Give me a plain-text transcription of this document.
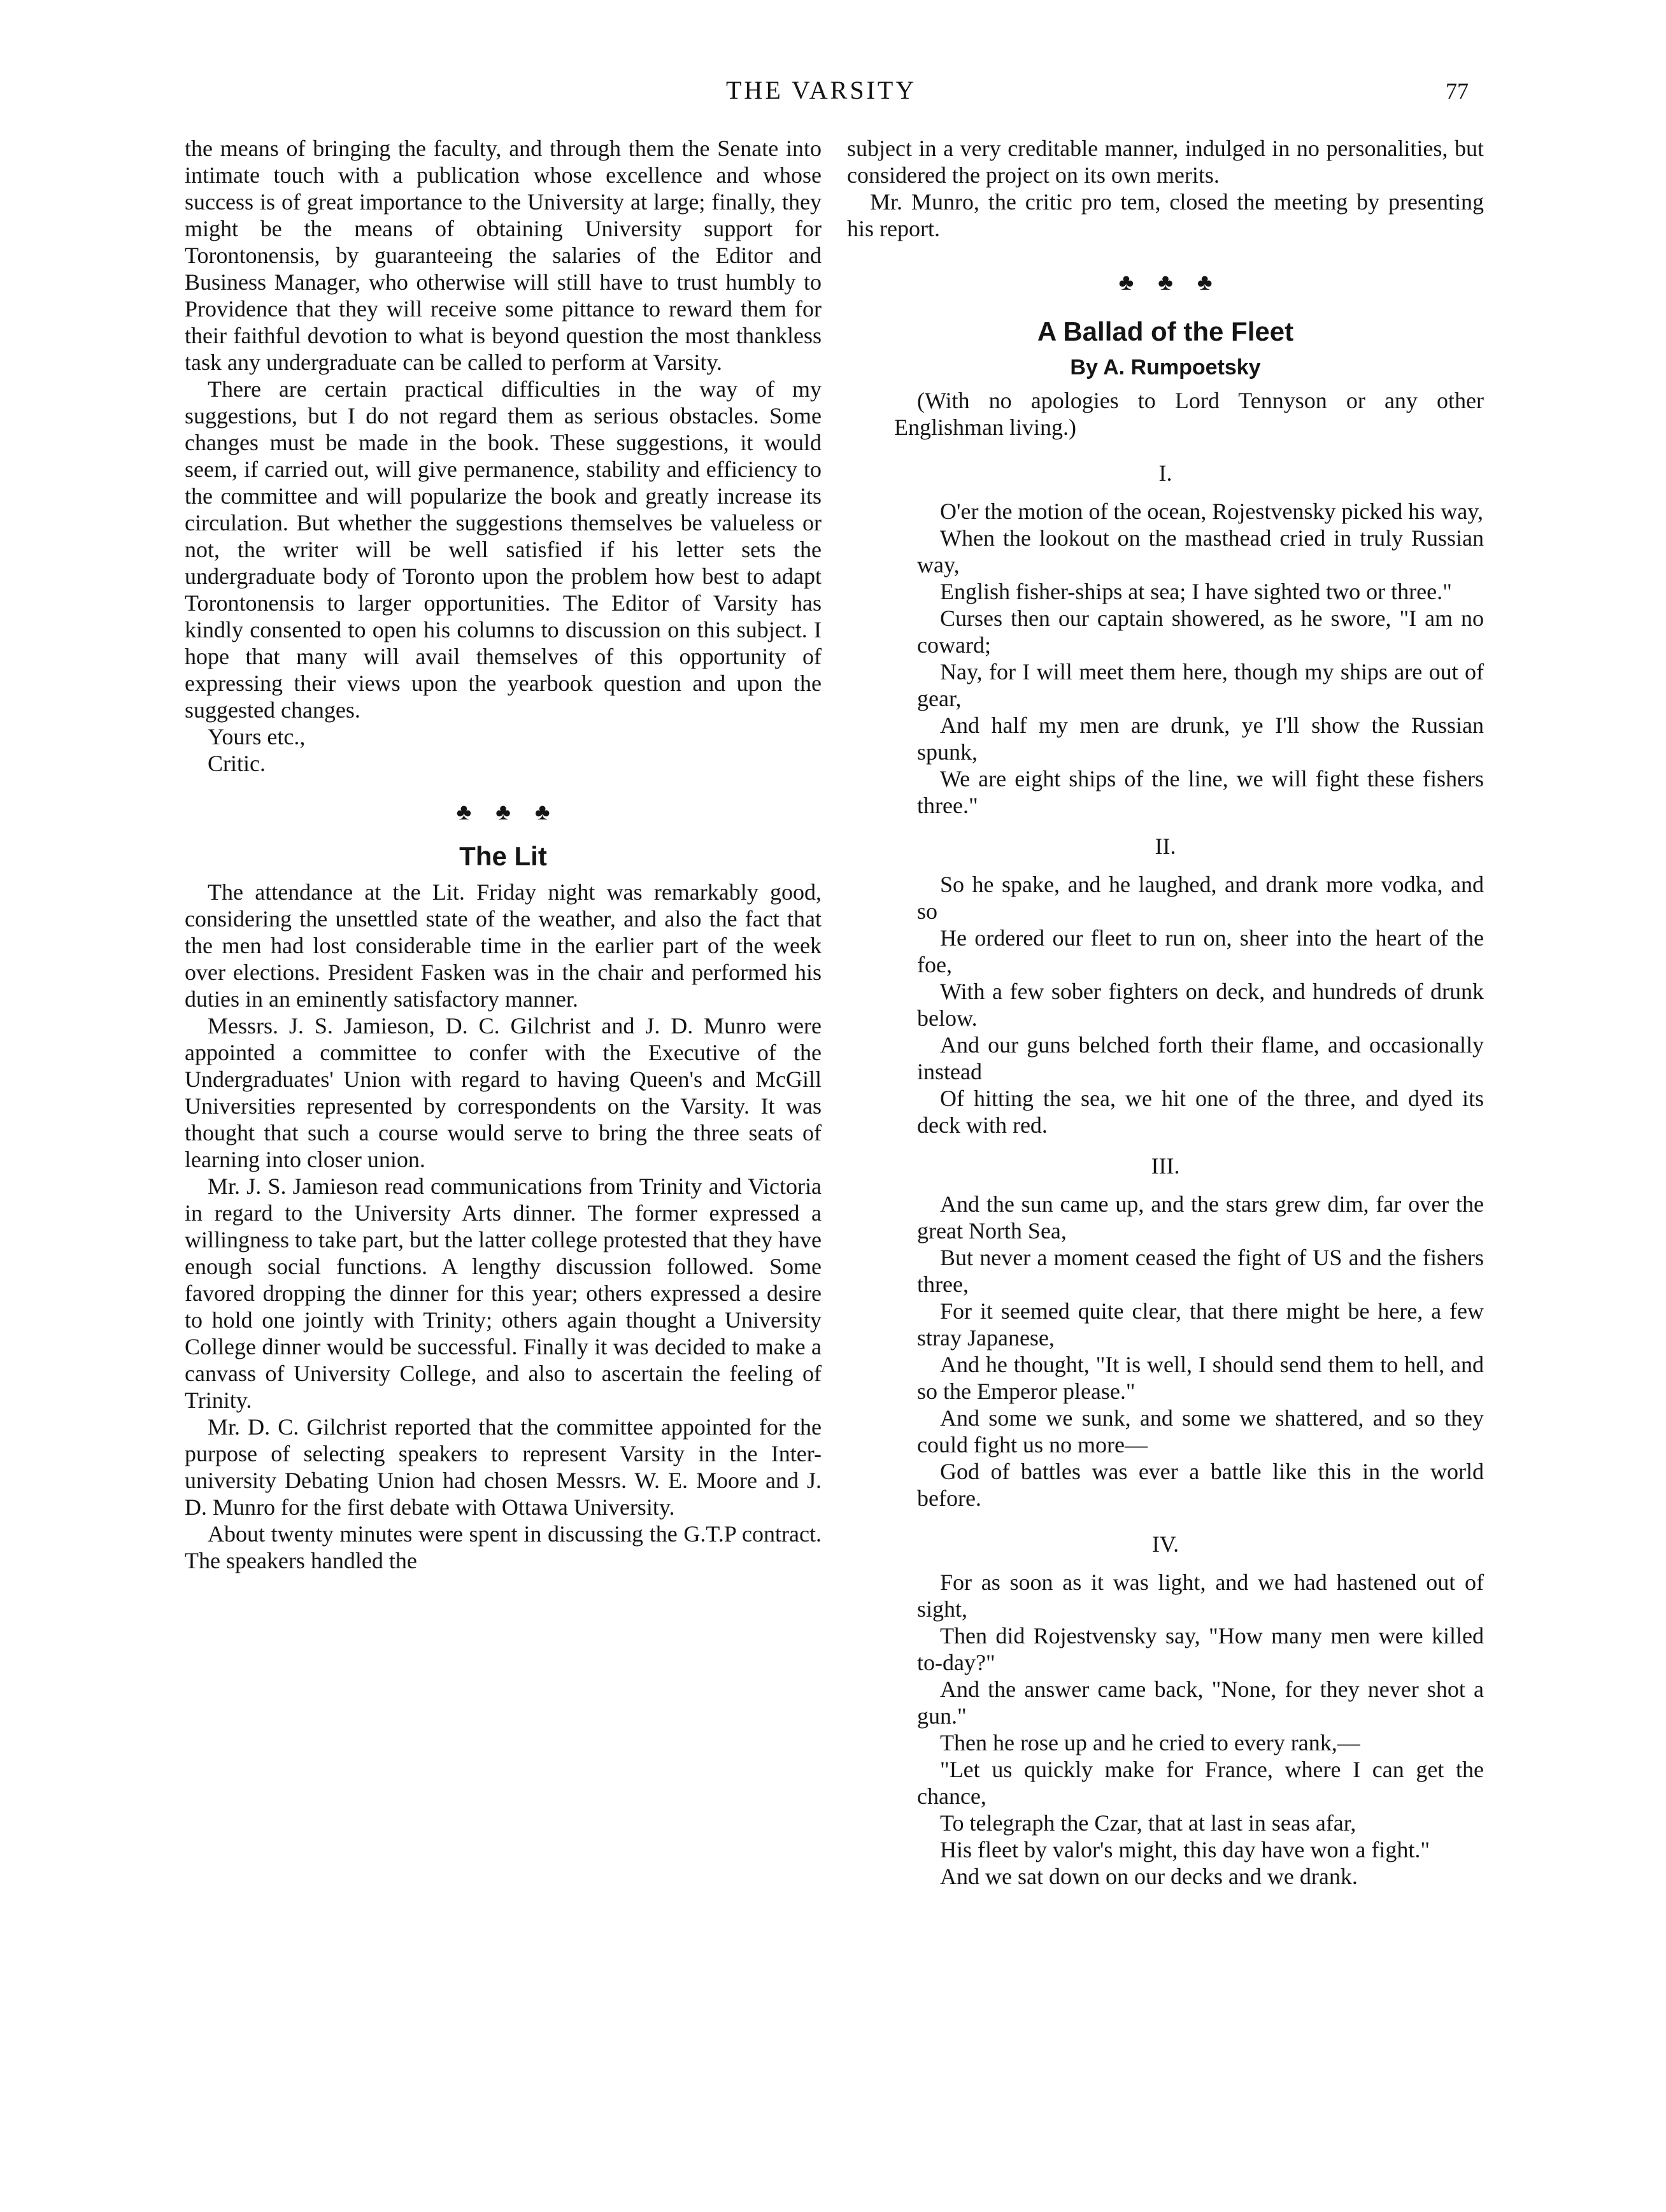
THE VARSITY	77

the means of bringing the faculty, and through them the Senate into intimate touch with a publication whose excellence and whose success is of great importance to the University at large; finally, they might be the means of obtaining University support for Torontonensis, by guaranteeing the salaries of the Editor and Business Manager, who otherwise will still have to trust humbly to Providence that they will receive some pittance to reward them for their faithful devotion to what is beyond question the most thankless task any undergraduate can be called to perform at Varsity.

There are certain practical difficulties in the way of my suggestions, but I do not regard them as serious obstacles. Some changes must be made in the book. These suggestions, it would seem, if carried out, will give permanence, stability and efficiency to the committee and will popularize the book and greatly increase its circulation. But whether the suggestions themselves be valueless or not, the writer will be well satisfied if his letter sets the undergraduate body of Toronto upon the problem how best to adapt Torontonensis to larger opportunities. The Editor of Varsity has kindly consented to open his columns to discussion on this subject. I hope that many will avail themselves of this opportunity of expressing their views upon the yearbook question and upon the suggested changes.

Yours etc.,

Critic.

♣♣♣
The Lit

The attendance at the Lit. Friday night was remarkably good, considering the unsettled state of the weather, and also the fact that the men had lost considerable time in the earlier part of the week over elections. President Fasken was in the chair and performed his duties in an eminently satisfactory manner.

Messrs. J. S. Jamieson, D. C. Gilchrist and J. D. Munro were appointed a committee to confer with the Executive of the Undergraduates' Union with regard to having Queen's and McGill Universities represented by correspondents on the Varsity. It was thought that such a course would serve to bring the three seats of learning into closer union.

Mr. J. S. Jamieson read communications from Trinity and Victoria in regard to the University Arts dinner. The former expressed a willingness to take part, but the latter college protested that they have enough social functions. A lengthy discussion followed. Some favored dropping the dinner for this year; others expressed a desire to hold one jointly with Trinity; others again thought a University College dinner would be successful. Finally it was decided to make a canvass of University College, and also to ascertain the feeling of Trinity.

Mr. D. C. Gilchrist reported that the committee appointed for the purpose of selecting speakers to represent Varsity in the Inter-university Debating Union had chosen Messrs. W. E. Moore and J. D. Munro for the first debate with Ottawa University.

About twenty minutes were spent in discussing the G.T.P contract. The speakers handled the

subject in a very creditable manner, indulged in no personalities, but considered the project on its own merits.

Mr. Munro, the critic pro tem, closed the meeting by presenting his report.

♣♣♣
A Ballad of the Fleet
By A. Rumpoetsky

(With no apologies to Lord Tennyson or any other Englishman living.)

I.

O'er the motion of the ocean, Rojestvensky picked his way,

When the lookout on the masthead cried in truly Russian way,

English fisher-ships at sea; I have sighted two or three."

Curses then our captain showered, as he swore, "I am no coward;

Nay, for I will meet them here, though my ships are out of gear,

And half my men are drunk, ye I'll show the Russian spunk,

We are eight ships of the line, we will fight these fishers three."

II.

So he spake, and he laughed, and drank more vodka, and so

He ordered our fleet to run on, sheer into the heart of the foe,

With a few sober fighters on deck, and hundreds of drunk below.

And our guns belched forth their flame, and occasionally instead

Of hitting the sea, we hit one of the three, and dyed its deck with red.

III.

And the sun came up, and the stars grew dim, far over the great North Sea,

But never a moment ceased the fight of US and the fishers three,

For it seemed quite clear, that there might be here, a few stray Japanese,

And he thought, "It is well, I should send them to hell, and so the Emperor please."

And some we sunk, and some we shattered, and so they could fight us no more—

God of battles was ever a battle like this in the world before.

IV.

For as soon as it was light, and we had hastened out of sight,

Then did Rojestvensky say, "How many men were killed to-day?"

And the answer came back, "None, for they never shot a gun."

Then he rose up and he cried to every rank,—

"Let us quickly make for France, where I can get the chance,

To telegraph the Czar, that at last in seas afar,

His fleet by valor's might, this day have won a fight."

And we sat down on our decks and we drank.
